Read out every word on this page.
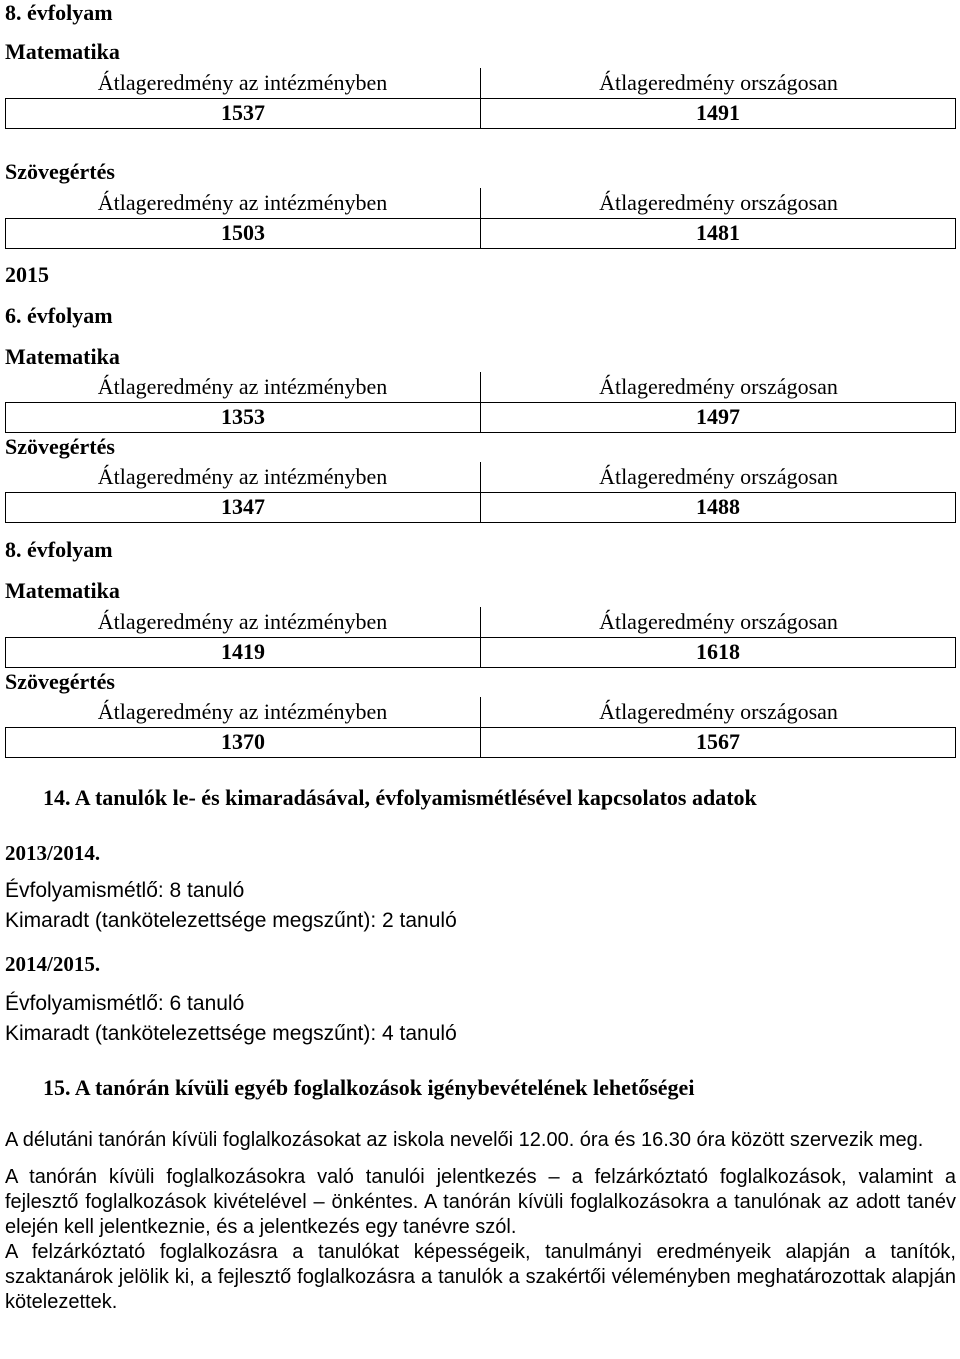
8. évfolyam
Matematika
Átlageredmény az intézményben	Átlageredmény országosan
1537	1491
Szövegértés
Átlageredmény az intézményben	Átlageredmény országosan
1503	1481
2015
6. évfolyam
Matematika
Átlageredmény az intézményben	Átlageredmény országosan
1353	1497
Szövegértés
Átlageredmény az intézményben	Átlageredmény országosan
1347	1488
8. évfolyam
Matematika
Átlageredmény az intézményben	Átlageredmény országosan
1419	1618
Szövegértés
Átlageredmény az intézményben	Átlageredmény országosan
1370	1567
14. A tanulók le- és kimaradásával, évfolyamismétlésével kapcsolatos adatok
2013/2014.
Évfolyamismétlő: 8 tanuló
Kimaradt (tankötelezettsége megszűnt): 2 tanuló
2014/2015.
Évfolyamismétlő: 6 tanuló
Kimaradt (tankötelezettsége megszűnt): 4 tanuló
15. A tanórán kívüli egyéb foglalkozások igénybevételének lehetőségei

A délutáni tanórán kívüli foglalkozásokat az iskola nevelői 12.00. óra és 16.30 óra között szervezik meg.

A tanórán kívüli foglalkozásokra való tanulói jelentkezés – a felzárkóztató foglalkozások, valamint a fejlesztő foglalkozások kivételével – önkéntes. A tanórán kívüli foglalkozásokra a tanulónak az adott tanév elején kell jelentkeznie, és a jelentkezés egy tanévre szól.

A felzárkóztató foglalkozásra a tanulókat képességeik, tanulmányi eredményeik alapján a tanítók, szaktanárok jelölik ki, a fejlesztő foglalkozásra a tanulók a szakértői véleményben meghatározottak alapján kötelezettek.
